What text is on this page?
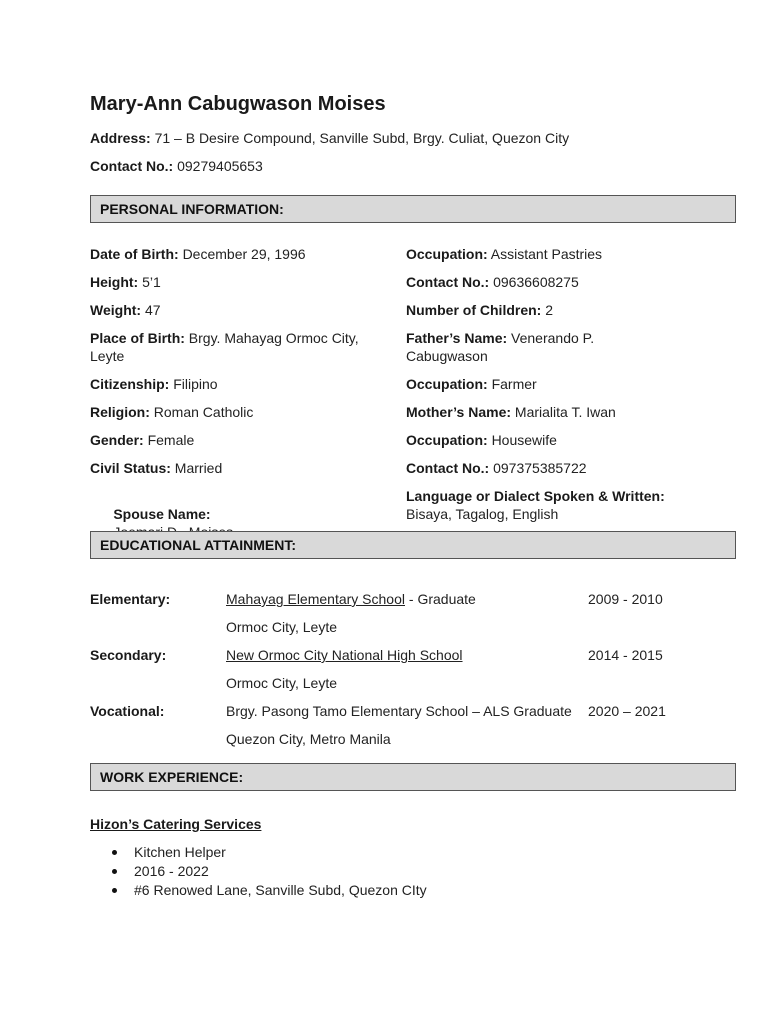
Mary-Ann Cabugwason Moises
Address: 71 – B Desire Compound, Sanville Subd, Brgy. Culiat, Quezon City
Contact No.: 09279405653
PERSONAL INFORMATION:
Date of Birth: December 29, 1996
Height: 5’1
Weight: 47
Place of Birth: Brgy. Mahayag Ormoc City, Leyte
Citizenship: Filipino
Religion: Roman Catholic
Gender: Female
Civil Status: Married

Spouse Name:

Occupation: Assistant Pastries
Contact No.: 09636608275
Number of Children: 2
Father’s Name: Venerando P. Cabugwason
Occupation: Farmer
Mother’s Name: Marialita T. Iwan
Occupation: Housewife
Contact No.: 097375385722
Language or Dialect Spoken & Written:
Bisaya, Tagalog, English
EDUCATIONAL ATTAINMENT:
Elementary:	Mahayag Elementary School - Graduate	2009 - 2010
Ormoc City, Leyte
Secondary:	New Ormoc City National High School	2014 - 2015
Ormoc City, Leyte
Vocational:	Brgy. Pasong Tamo Elementary School – ALS Graduate 2020 – 2021
Quezon City, Metro Manila
WORK EXPERIENCE:
Hizon’s Catering Services
Kitchen Helper
2016 - 2022
#6 Renowed Lane, Sanville Subd, Quezon CIty
